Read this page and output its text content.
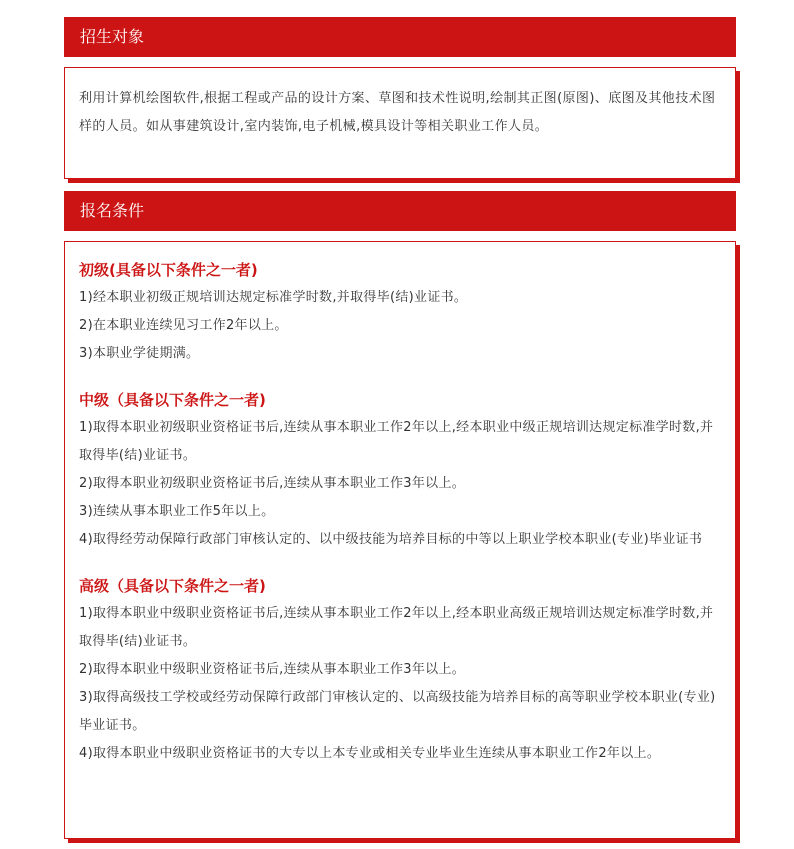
招生对象

利用计算机绘图软件,根据工程或产品的设计方案、草图和技术性说明,绘制其正图(原图)、底图及其他技术图样的人员。如从事建筑设计,室内装饰,电子机械,模具设计等相关职业工作人员。

报名条件
初级(具备以下条件之一者)
1)经本职业初级正规培训达规定标准学时数,并取得毕(结)业证书。
2)在本职业连续见习工作2年以上。
3)本职业学徒期满。
中级（具备以下条件之一者)
1)取得本职业初级职业资格证书后,连续从事本职业工作2年以上,经本职业中级正规培训达规定标准学时数,并取得毕(结)业证书。
2)取得本职业初级职业资格证书后,连续从事本职业工作3年以上。
3)连续从事本职业工作5年以上。
4)取得经劳动保障行政部门审核认定的、以中级技能为培养目标的中等以上职业学校本职业(专业)毕业证书
高级（具备以下条件之一者)
1)取得本职业中级职业资格证书后,连续从事本职业工作2年以上,经本职业高级正规培训达规定标准学时数,并取得毕(结)业证书。
2)取得本职业中级职业资格证书后,连续从事本职业工作3年以上。
3)取得高级技工学校或经劳动保障行政部门审核认定的、以高级技能为培养目标的高等职业学校本职业(专业)毕业证书。
4)取得本职业中级职业资格证书的大专以上本专业或相关专业毕业生连续从事本职业工作2年以上。
